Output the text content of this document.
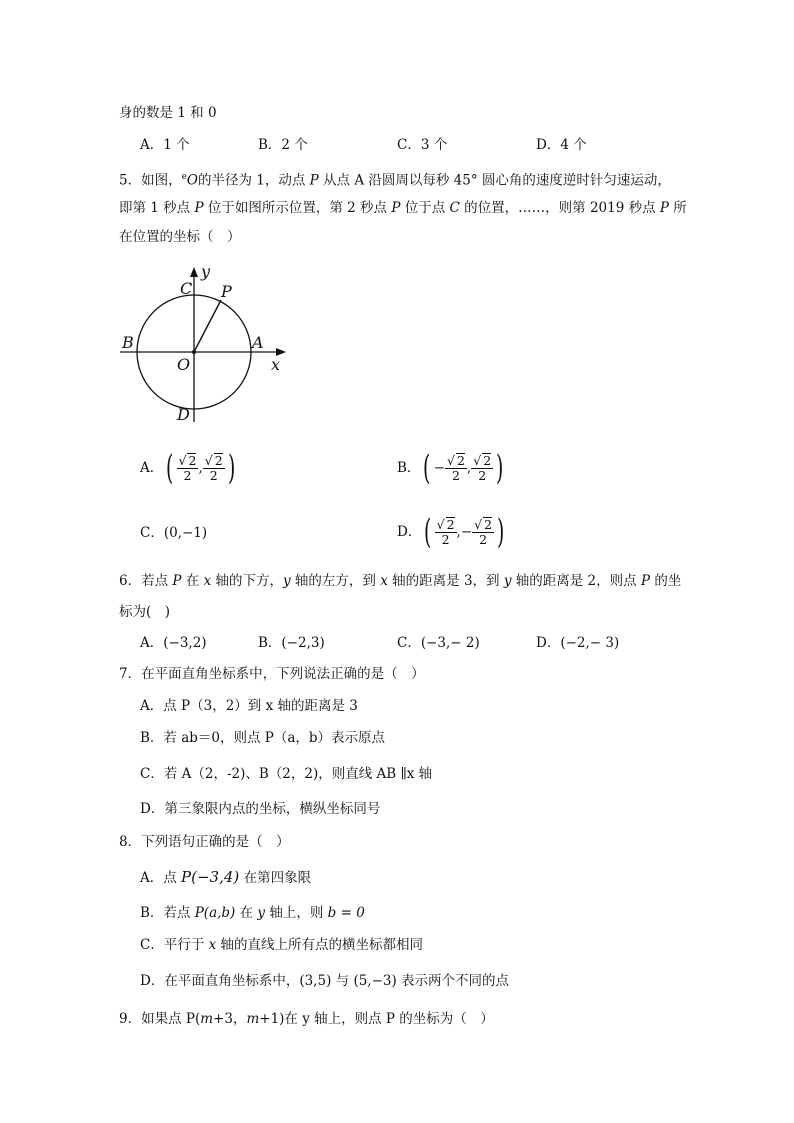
身的数是 1 和 0
A．1 个	B．2 个	C．3 个	D．4 个
5．如图，$^e$O的半径为 1，动点 P 从点 A 沿圆周以每秒 45° 圆心角的速度逆时针匀速运动，
即第 1 秒点 P 位于如图所示位置，第 2 秒点 P 位于点 C 的位置，……，则第 2019 秒点 P 所
在位置的坐标（　）
y
C P
B	A
O	x
D
A． ( $\frac{√ 2}{2}$ , $\frac{√ 2}{2}$ )	B． ( − $\frac{√ 2}{2}$ , $\frac{√ 2}{2}$ )
C．(0,−1)	D． ( $\frac{√ 2}{2}$ , − $\frac{√ 2}{2}$ )
6．若点 P 在 x 轴的下方，y 轴的左方，到 x 轴的距离是 3，到 y 轴的距离是 2，则点 P 的坐
标为(　)
A．(−3,2)	B．(−2,3)	C．(−3,− 2)	D．(−2,− 3)
7．在平面直角坐标系中，下列说法正确的是（　）
A．点 P（3，2）到 x 轴的距离是 3
B．若 ab＝0，则点 P（a，b）表示原点
C．若 A（2，-2)、B（2，2)，则直线 AB ∥x 轴
D．第三象限内点的坐标，横纵坐标同号
8．下列语句正确的是（　）
A．点 P(−3,4) 在第四象限
B．若点 P(a,b) 在 y 轴上，则 b = 0
C．平行于 x 轴的直线上所有点的横坐标都相同
D．在平面直角坐标系中，(3,5) 与 (5,−3) 表示两个不同的点
9．如果点 P(m+3，m+1)在 y 轴上，则点 P 的坐标为（　）
